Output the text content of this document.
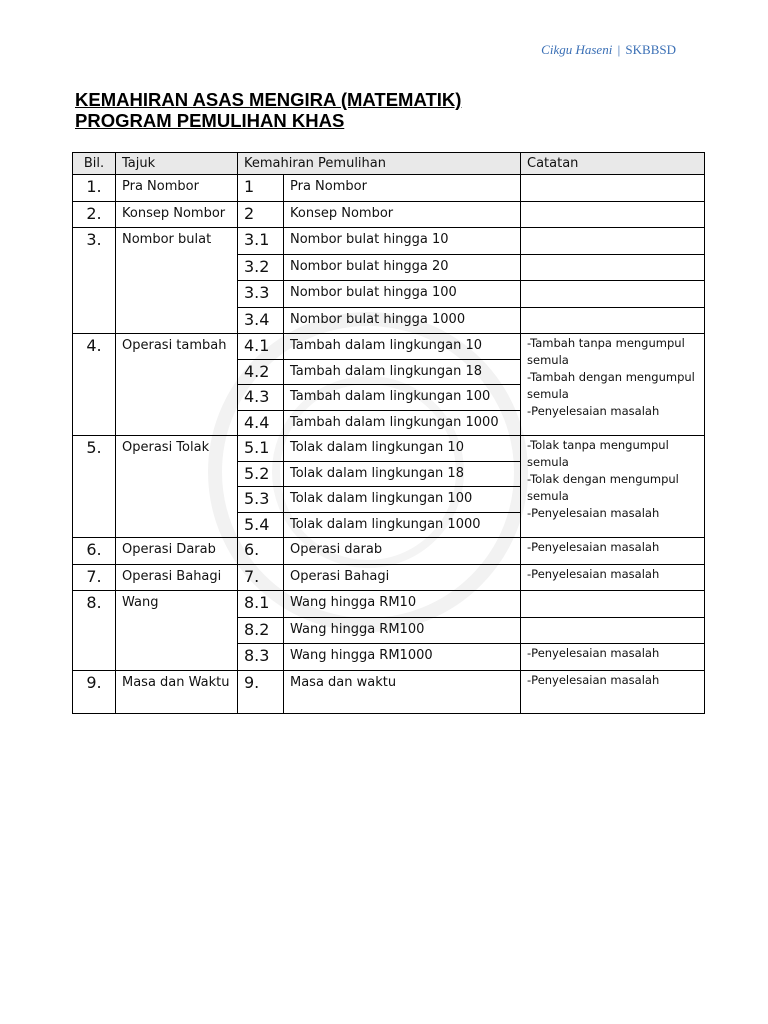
Cikgu Haseni | SKBBSD
KEMAHIRAN ASAS MENGIRA (MATEMATIK)
PROGRAM PEMULIHAN KHAS
Bil.	Tajuk	Kemahiran Pemulihan		Catatan
1.	Pra Nombor	1	Pra Nombor	
2.	Konsep Nombor	2	Konsep Nombor	
3.	Nombor bulat	3.1	Nombor bulat hingga 10	
		3.2	Nombor bulat hingga 20	
		3.3	Nombor bulat hingga 100	
		3.4	Nombor bulat hingga 1000	
4.	Operasi tambah	4.1	Tambah dalam lingkungan 10	-Tambah tanpa mengumpul semula
-Tambah dengan mengumpul semula
-Penyelesaian masalah

		4.2	Tambah dalam lingkungan 18	
		4.3	Tambah dalam lingkungan 100	
		4.4	Tambah dalam lingkungan 1000	
5.	Operasi Tolak	5.1	Tolak dalam lingkungan 10	-Tolak tanpa mengumpul semula
-Tolak dengan mengumpul semula
-Penyelesaian masalah

		5.2	Tolak dalam lingkungan 18	
		5.3	Tolak dalam lingkungan 100	
		5.4	Tolak dalam lingkungan 1000	
6.	Operasi Darab	6.	Operasi darab	-Penyelesaian masalah
7.	Operasi Bahagi	7.	Operasi Bahagi	-Penyelesaian masalah
8.	Wang	8.1	Wang hingga RM10	
		8.2	Wang hingga RM100	
		8.3	Wang hingga RM1000	-Penyelesaian masalah
9.	Masa dan Waktu	9.	Masa dan waktu	-Penyelesaian masalah
